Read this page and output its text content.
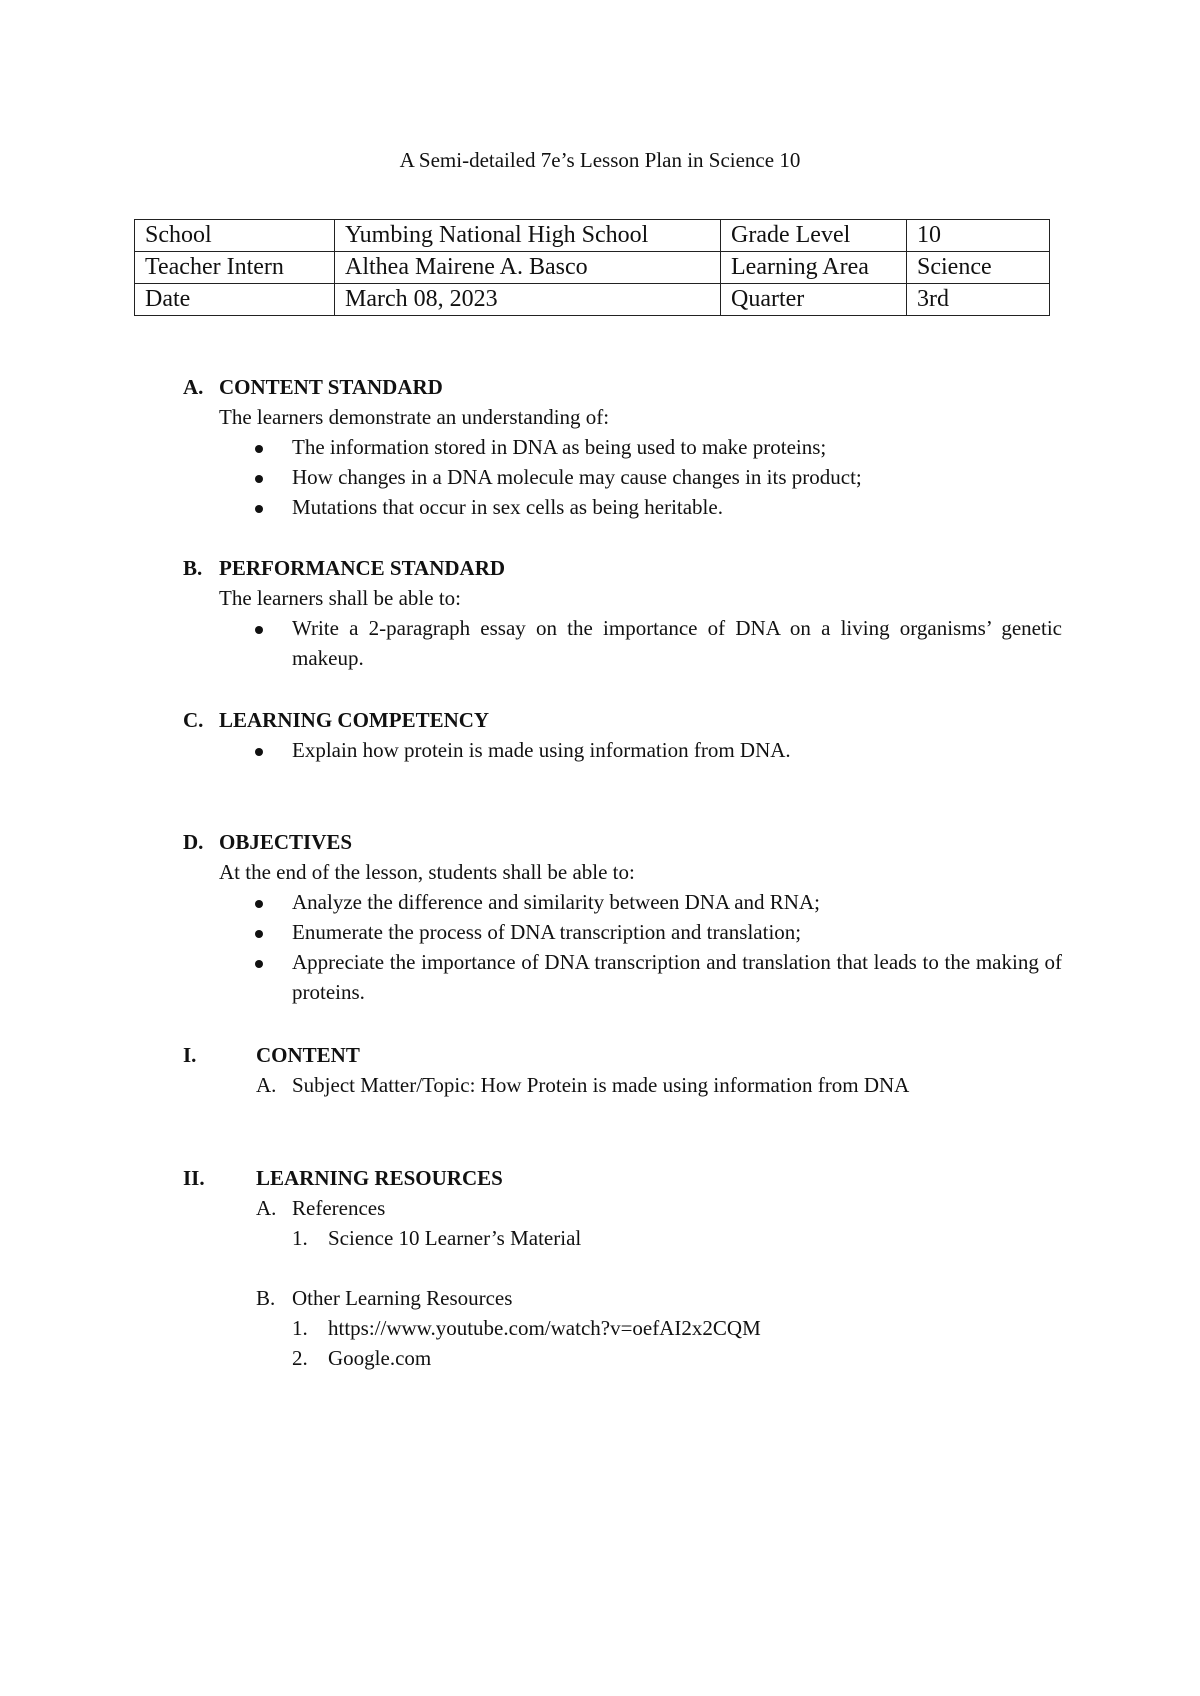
A Semi-detailed 7e’s Lesson Plan in Science 10
School	Yumbing National High School	Grade Level	10
Teacher Intern	Althea Mairene A. Basco	Learning Area	Science
Date	March 08, 2023	Quarter	3rd
A. CONTENT STANDARD
The learners demonstrate an understanding of:
The information stored in DNA as being used to make proteins;
How changes in a DNA molecule may cause changes in its product;
Mutations that occur in sex cells as being heritable.
B. PERFORMANCE STANDARD
The learners shall be able to:
Write a 2-paragraph essay on the importance of DNA on a living organisms’ genetic makeup.
C. LEARNING COMPETENCY
Explain how protein is made using information from DNA.
D. OBJECTIVES
At the end of the lesson, students shall be able to:
Analyze the difference and similarity between DNA and RNA;
Enumerate the process of DNA transcription and translation;
Appreciate the importance of DNA transcription and translation that leads to the making of proteins.
I.	CONTENT
A. Subject Matter/Topic: How Protein is made using information from DNA
II.	LEARNING RESOURCES
A. References
1. Science 10 Learner’s Material
B. Other Learning Resources
1. https://www.youtube.com/watch?v=oefAI2x2CQM
2. Google.com
